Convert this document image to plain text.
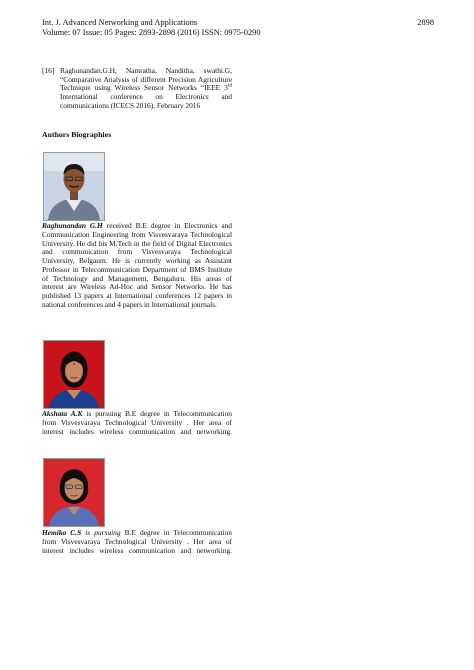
Int. J. Advanced Networking and Applications
Volume: 07 Issue: 05 Pages: 2893-2898 (2016) ISSN: 0975-0290
2898
[16] Raghunandan.G.H, Namratha, Nanditha, swathi.G, “Comparative Analysis of different Precision Agriculture Technique using Wireless Sensor Networks “IEEE 3rd International conference on Electronics and communications (ICECS 2016), February 2016
Authors Biographies
Raghunandan G.H received B.E degree in Electronics and Communication Engineering from Visvesvaraya Technological University. He did his M.Tech in the field of Digital Electronics and communication from Visvesvaraya Technological University, Belgaum. He is currently working as Assistant Professor in Telecommunication Department of BMS Institute of Technology and Management, Bengaluru. His areas of interest are Wireless Ad-Hoc and Sensor Networks. He has published 13 papers at International conferences 12 papers in national conferences and 4 papers in International journals.
Akshata A.K is pursuing B.E degree in Telecommunication from Visvesvaraya Technological University . Her area of interest includes wireless communication and networking.
Hemika C.S is pursuing B.E degree in Telecommunication from Visvesvaraya Technological University . Her area of interest includes wireless communication and networking.
